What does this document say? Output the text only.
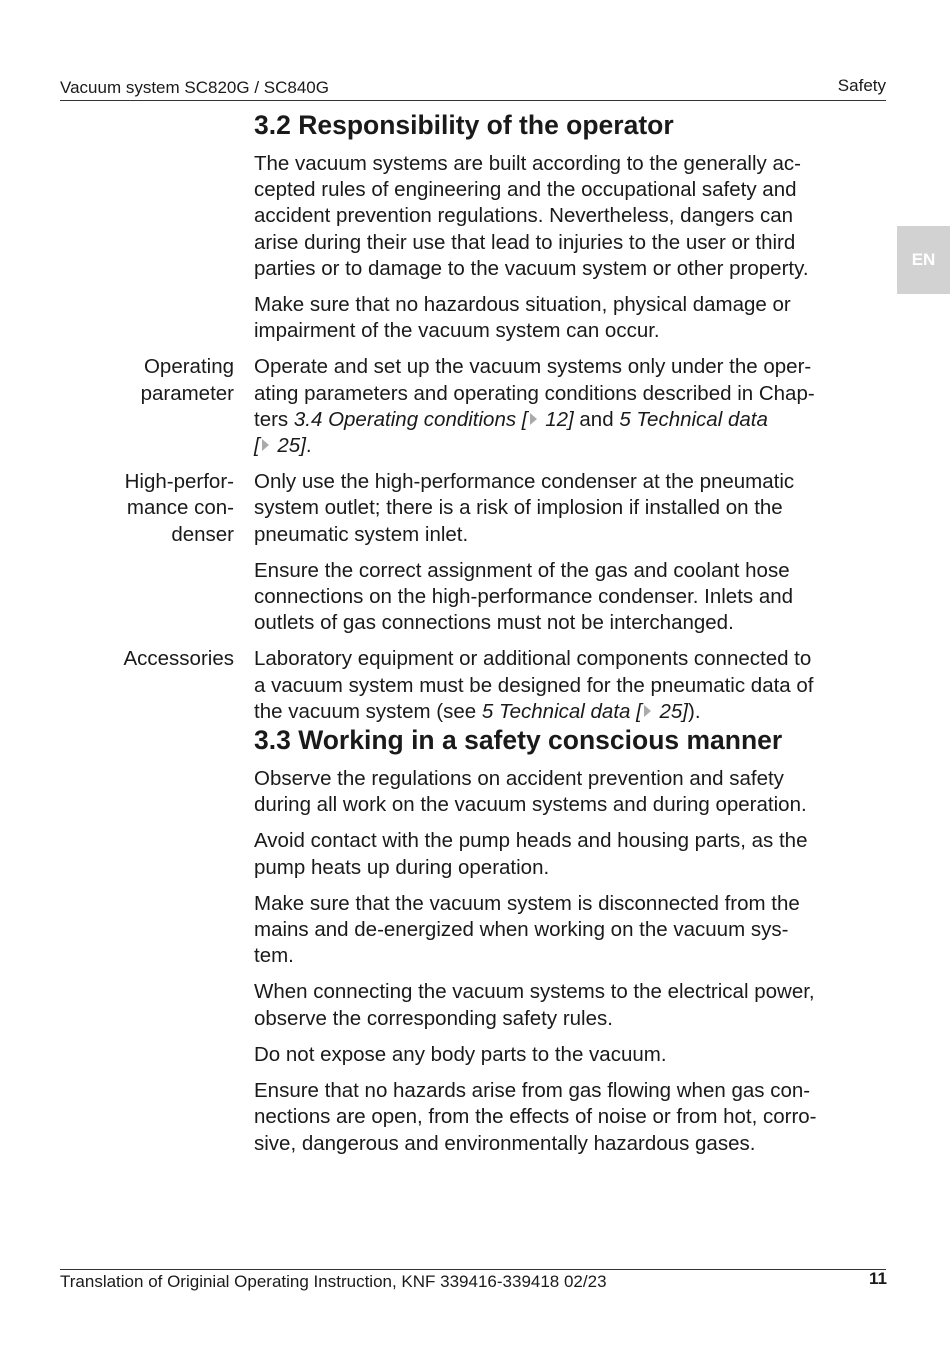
Vacuum system SC820G / SC840G	Safety
EN
3.2 Responsibility of the operator

The vacuum systems are built according to the generally ac-
cepted rules of engineering and the occupational safety and
accident prevention regulations. Nevertheless, dangers can
arise during their use that lead to injuries to the user or third
parties or to damage to the vacuum system or other property.

Make sure that no hazardous situation, physical damage or
impairment of the vacuum system can occur.

Operating
parameter

Operate and set up the vacuum systems only under the oper-
ating parameters and operating conditions described in Chap-
ters 3.4 Operating conditions [ 12] and 5 Technical data
[ 25].

High-perfor-
mance con-
denser

Only use the high-performance condenser at the pneumatic
system outlet; there is a risk of implosion if installed on the
pneumatic system inlet.

Ensure the correct assignment of the gas and coolant hose
connections on the high-performance condenser. Inlets and
outlets of gas connections must not be interchanged.

Accessories Laboratory equipment or additional components connected to
a vacuum system must be designed for the pneumatic data of
the vacuum system (see 5 Technical data [ 25]).

3.3 Working in a safety conscious manner

Observe the regulations on accident prevention and safety
during all work on the vacuum systems and during operation.

Avoid contact with the pump heads and housing parts, as the
pump heats up during operation.

Make sure that the vacuum system is disconnected from the
mains and de-energized when working on the vacuum sys-
tem.

When connecting the vacuum systems to the electrical power,
observe the corresponding safety rules.

Do not expose any body parts to the vacuum.

Ensure that no hazards arise from gas flowing when gas con-
nections are open, from the effects of noise or from hot, corro-
sive, dangerous and environmentally hazardous gases.

Translation of Originial Operating Instruction, KNF 339416-339418 02/23	11
